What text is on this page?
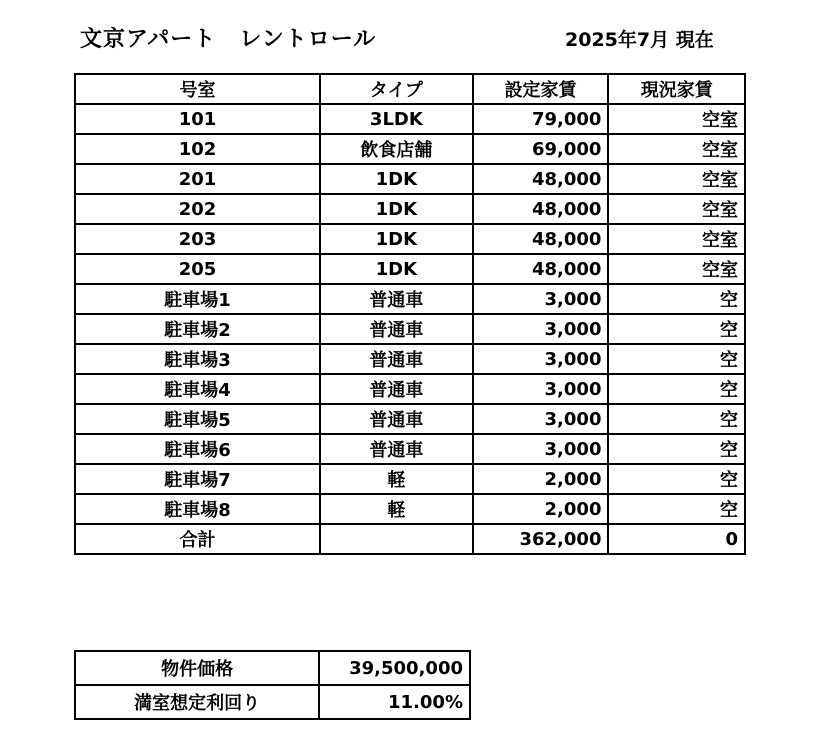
文京アパート　レントロール	2025年7月 現在
号室	タイプ	設定家賃	現況家賃
101	3LDK	79,000	空室
102	飲食店舗	69,000	空室
201	1DK	48,000	空室
202	1DK	48,000	空室
203	1DK	48,000	空室
205	1DK	48,000	空室
駐車場1	普通車	3,000	空
駐車場2	普通車	3,000	空
駐車場3	普通車	3,000	空
駐車場4	普通車	3,000	空
駐車場5	普通車	3,000	空
駐車場6	普通車	3,000	空
駐車場7	軽	2,000	空
駐車場8	軽	2,000	空
合計		362,000	0
物件価格	39,500,000
満室想定利回り	11.00%
